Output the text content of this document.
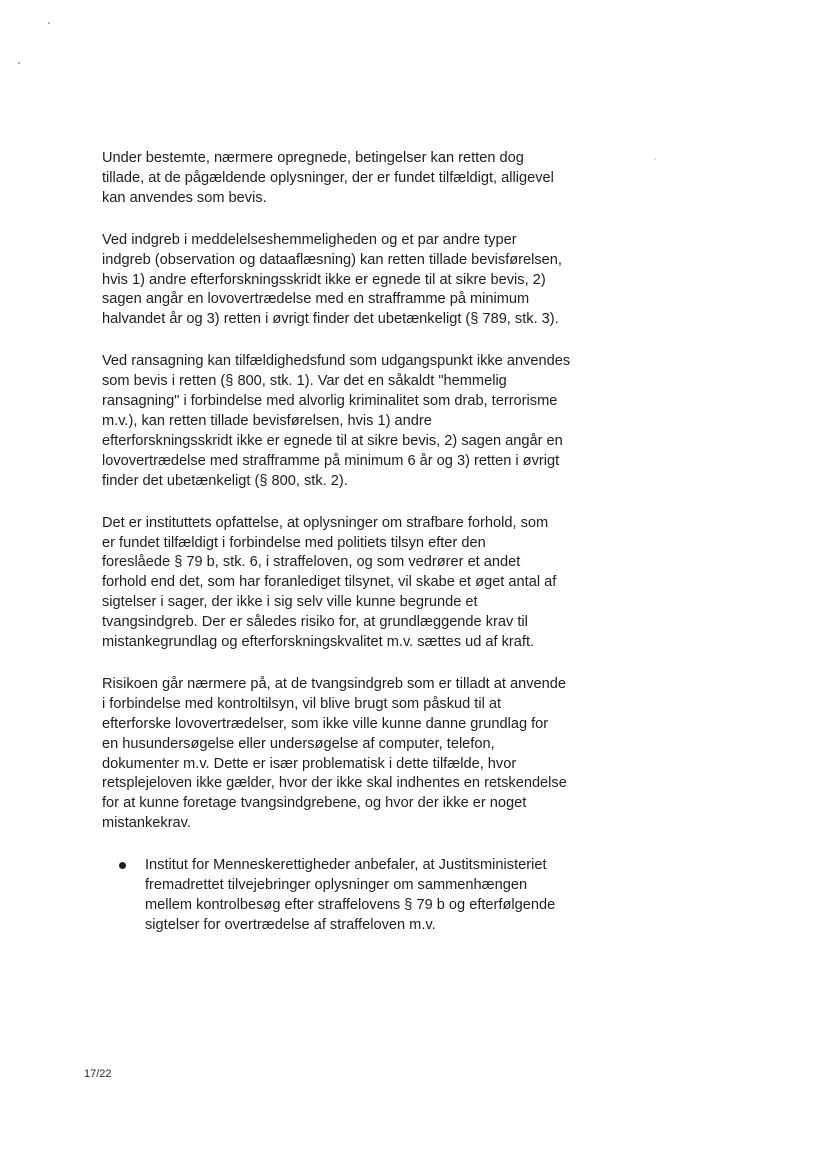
Under bestemte, nærmere opregnede, betingelser kan retten dog
tillade, at de pågældende oplysninger, der er fundet tilfældigt, alligevel
kan anvendes som bevis.

Ved indgreb i meddelelseshemmeligheden og et par andre typer
indgreb (observation og dataaflæsning) kan retten tillade bevisførelsen,
hvis 1) andre efterforskningsskridt ikke er egnede til at sikre bevis, 2)
sagen angår en lovovertrædelse med en strafframme på minimum
halvandet år og 3) retten i øvrigt finder det ubetænkeligt (§ 789, stk. 3).

Ved ransagning kan tilfældighedsfund som udgangspunkt ikke anvendes
som bevis i retten (§ 800, stk. 1). Var det en såkaldt "hemmelig
ransagning" i forbindelse med alvorlig kriminalitet som drab, terrorisme
m.v.), kan retten tillade bevisførelsen, hvis 1) andre
efterforskningsskridt ikke er egnede til at sikre bevis, 2) sagen angår en
lovovertrædelse med strafframme på minimum 6 år og 3) retten i øvrigt
finder det ubetænkeligt (§ 800, stk. 2).

Det er instituttets opfattelse, at oplysninger om strafbare forhold, som
er fundet tilfældigt i forbindelse med politiets tilsyn efter den
foreslåede § 79 b, stk. 6, i straffeloven, og som vedrører et andet
forhold end det, som har foranlediget tilsynet, vil skabe et øget antal af
sigtelser i sager, der ikke i sig selv ville kunne begrunde et
tvangsindgreb. Der er således risiko for, at grundlæggende krav til
mistankegrundlag og efterforskningskvalitet m.v. sættes ud af kraft.

Risikoen går nærmere på, at de tvangsindgreb som er tilladt at anvende
i forbindelse med kontroltilsyn, vil blive brugt som påskud til at
efterforske lovovertrædelser, som ikke ville kunne danne grundlag for
en husundersøgelse eller undersøgelse af computer, telefon,
dokumenter m.v. Dette er især problematisk i dette tilfælde, hvor
retsplejeloven ikke gælder, hvor der ikke skal indhentes en retskendelse
for at kunne foretage tvangsindgrebene, og hvor der ikke er noget
mistankekrav.

Institut for Menneskerettigheder anbefaler, at Justitsministeriet
fremadrettet tilvejebringer oplysninger om sammenhængen
mellem kontrolbesøg efter straffelovens § 79 b og efterfølgende
sigtelser for overtrædelse af straffeloven m.v.
17/22
